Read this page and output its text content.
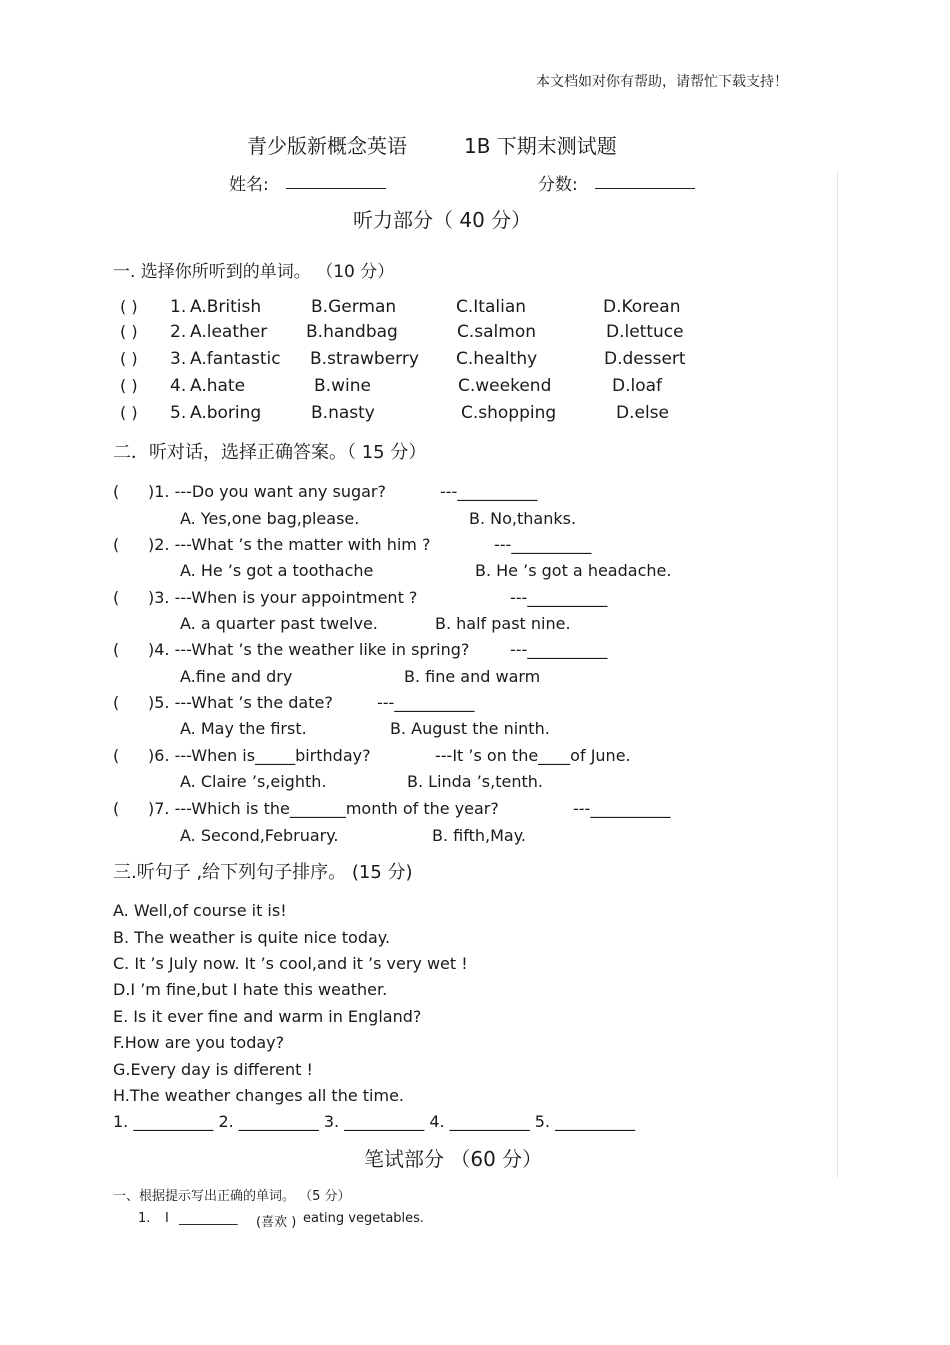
本文档如对你有帮助，请帮忙下载支持！
青少版新概念英语	1B 下期末测试题
姓名:	分数:
听力部分（ 40 分）
一. 选择你所听到的单词。 （10 分）
( ) 1. A.British	B.German	C.Italian	D.Korean
( ) 2. A.leather B.handbag	C.salmon	D.lettuce
( ) 3. A.fantastic B.strawberry C.healthy	D.dessert
( ) 4. A.hate	B.wine	C.weekend	D.loaf
( ) 5. A.boring	B.nasty	C.shopping	D.else
二．听对话，选择正确答案。（ 15 分）
( )1. ---Do you want any sugar?	---__________
A. Yes,one bag,please.	B. No,thanks.
( )2. ---What ’s the matter with him ?	---__________
A. He ’s got a toothache	B. He ’s got a headache.
( )3. ---When is your appointment ?	---__________
A. a quarter past twelve.	B. half past nine.
( )4. ---What ’s the weather like in spring?	---__________
A.fine and dry	B. fine and warm
( )5. ---What ’s the date?	---__________
A. May the first.	B. August the ninth.
( )6. ---When is_____birthday?	---It ’s on the____of June.
A. Claire ’s,eighth.	B. Linda ’s,tenth.
( )7. ---Which is the_______month of the year?	---__________
A. Second,February.	B. fifth,May.
三.听句子 ,给下列句子排序。 (15 分)
A. Well,of course it is!
B. The weather is quite nice today.
C. It ’s July now. It ’s cool,and it ’s very wet !
D.I ’m fine,but I hate this weather.
E. Is it ever fine and warm in England?
F.How are you today?
G.Every day is different !
H.The weather changes all the time.
1. __________ 2. __________ 3. __________ 4. __________ 5. __________
笔试部分 （60 分）
一、根据提示写出正确的单词。 （5 分）
1. I _________ (喜欢 ) eating vegetables.
